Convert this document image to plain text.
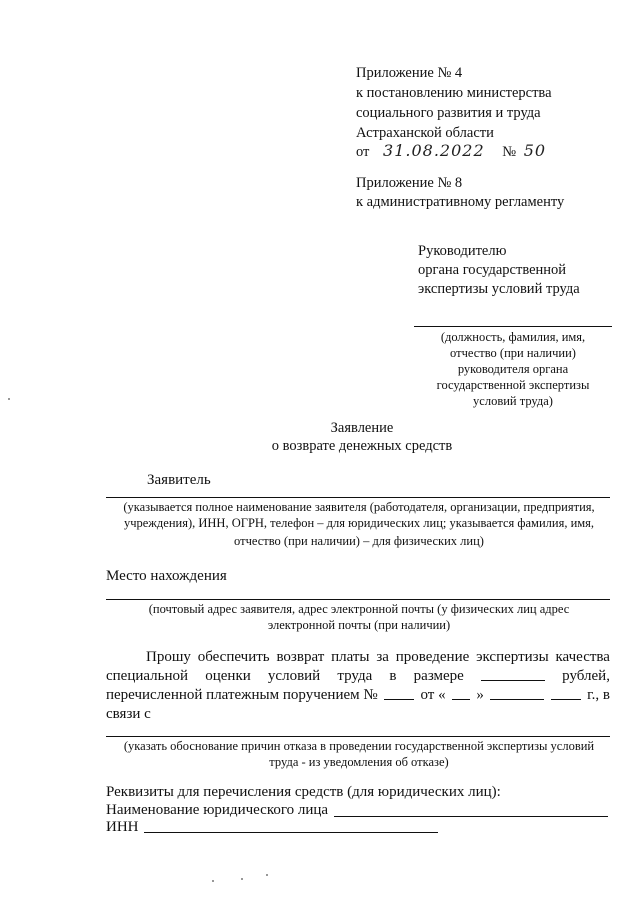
Приложение № 4
к постановлению министерства
социального развития и труда
Астраханской области
от 31.08.2022 № 50
Приложение № 8
к административному регламенту
Руководителю
органа государственной
экспертизы условий труда
(должность, фамилия, имя,
отчество (при наличии)
руководителя органа
государственной экспертизы
условий труда)
Заявление
о возврате денежных средств
Заявитель
(указывается полное наименование заявителя (работодателя, организации, предприятия,
учреждения), ИНН, ОГРН, телефон – для юридических лиц; указывается фамилия, имя,
отчество (при наличии) – для физических лиц)
Место нахождения
(почтовый адрес заявителя, адрес электронной почты (у физических лиц адрес
электронной почты (при наличии)
Прошу обеспечить возврат платы за проведение экспертизы качества
специальной оценки условий труда в размере	рублей,
перечисленной платежным поручением №	от « »	г., в
связи с
(указать обоснование причин отказа в проведении государственной экспертизы условий
труда - из уведомления об отказе)
Реквизиты для перечисления средств (для юридических лиц):
Наименование юридического лица
ИНН
